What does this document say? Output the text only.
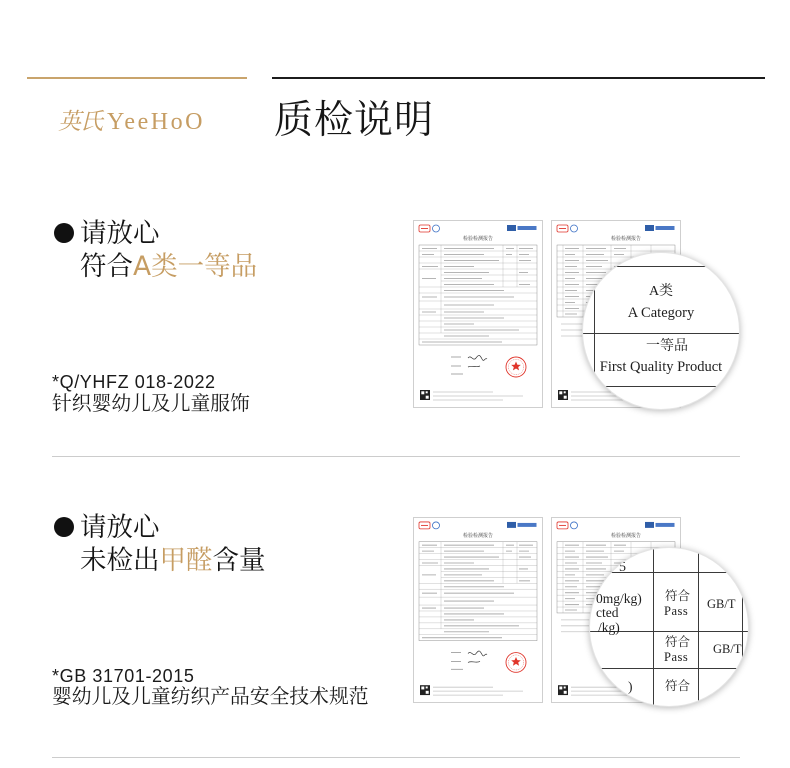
英氏 YeeHoO 质检说明
请放心
符合A类一等品
*Q/YHFZ 018-2022
针织婴幼儿及儿童服饰
A类
A Category
一等品
First Quality Product
请放心
未检出甲醛含量
*GB 31701-2015
婴幼儿及儿童纺织产品安全技术规范
5
0mg/kg)
cted
/kg)
)
符合
Pass GB/T
符合
Pass
GB/T
符合
